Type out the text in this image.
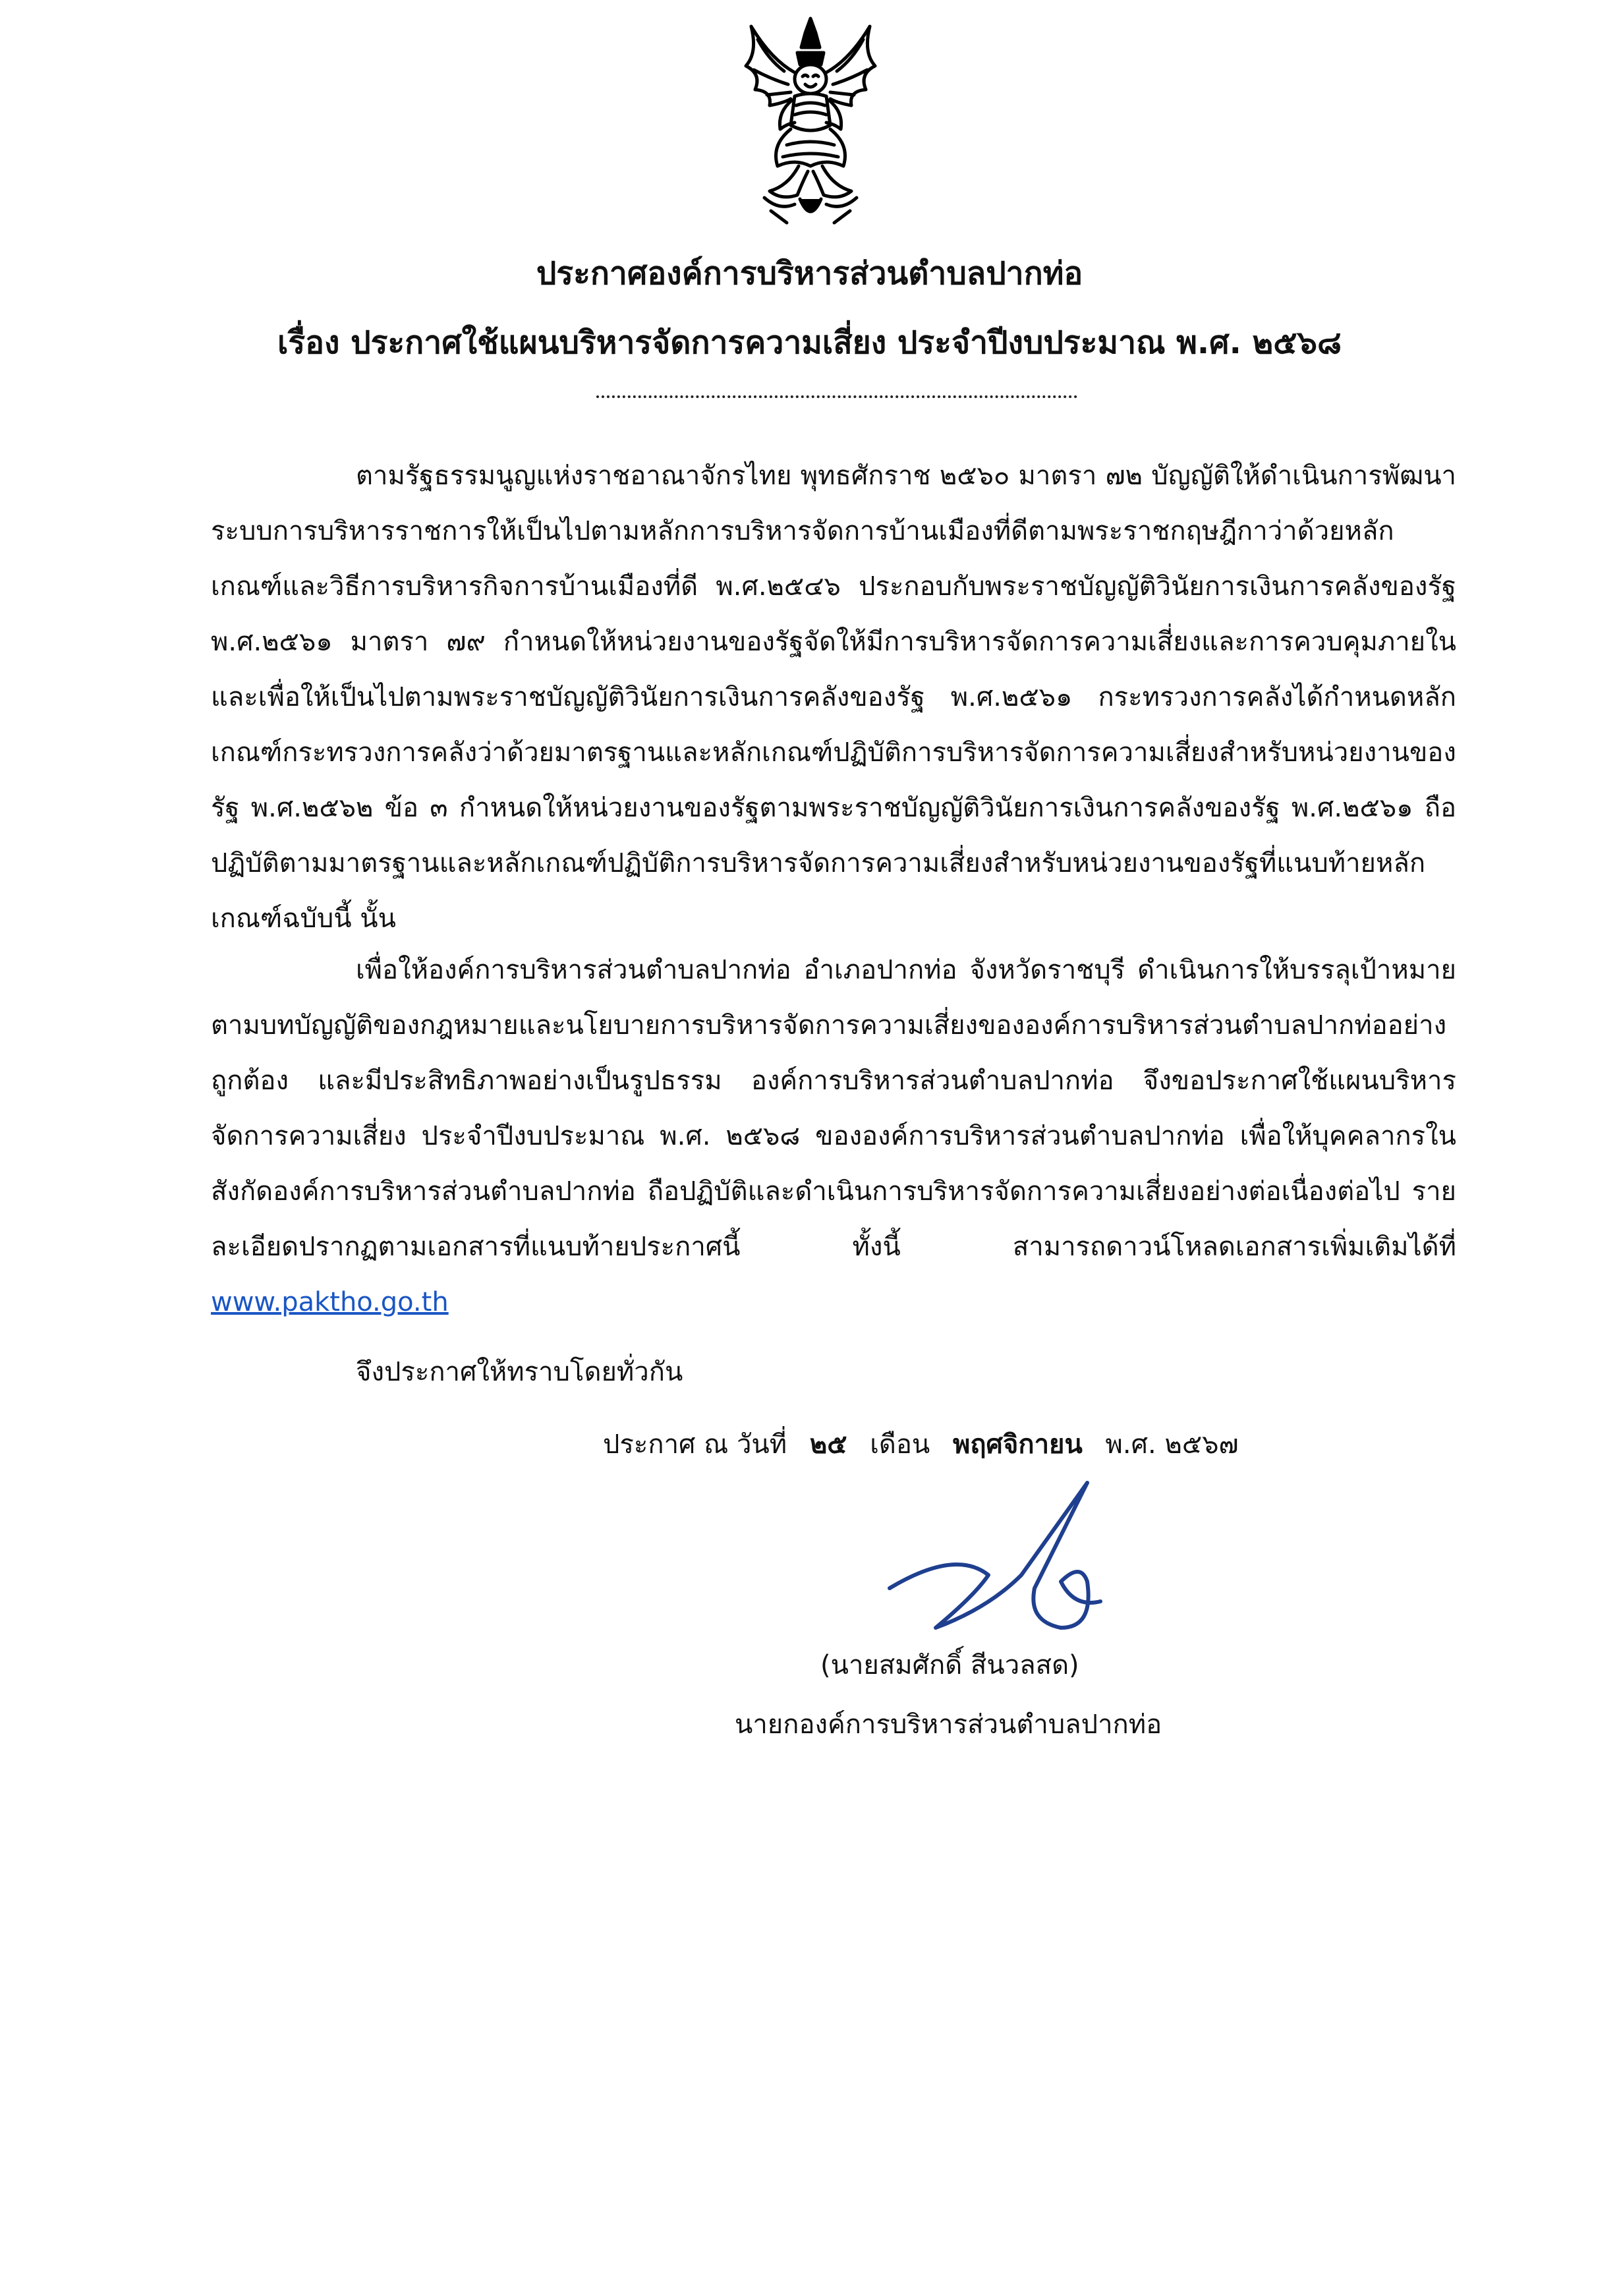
ประกาศองค์การบริหารส่วนตำบลปากท่อ
เรื่อง ประกาศใช้แผนบริหารจัดการความเสี่ยง ประจำปีงบประมาณ พ.ศ. ๒๕๖๘

ตามรัฐธรรมนูญแห่งราชอาณาจักรไทย พุทธศักราช ๒๕๖๐ มาตรา ๗๒ บัญญัติให้ดำเนินการพัฒนาระบบการบริหารราชการให้เป็นไปตามหลักการบริหารจัดการบ้านเมืองที่ดีตามพระราชกฤษฎีกาว่าด้วยหลักเกณฑ์และวิธีการบริหารกิจการบ้านเมืองที่ดี พ.ศ.๒๕๔๖ ประกอบกับพระราชบัญญัติวินัยการเงินการคลังของรัฐ พ.ศ.๒๕๖๑ มาตรา ๗๙ กำหนดให้หน่วยงานของรัฐจัดให้มีการบริหารจัดการความเสี่ยงและการควบคุมภายใน และเพื่อให้เป็นไปตามพระราชบัญญัติวินัยการเงินการคลังของรัฐ พ.ศ.๒๕๖๑ กระทรวงการคลังได้กำหนดหลักเกณฑ์กระทรวงการคลังว่าด้วยมาตรฐานและหลักเกณฑ์ปฏิบัติการบริหารจัดการความเสี่ยงสำหรับหน่วยงานของรัฐ พ.ศ.๒๕๖๒ ข้อ ๓ กำหนดให้หน่วยงานของรัฐตามพระราชบัญญัติวินัยการเงินการคลังของรัฐ พ.ศ.๒๕๖๑ ถือปฏิบัติตามมาตรฐานและหลักเกณฑ์ปฏิบัติการบริหารจัดการความเสี่ยงสำหรับหน่วยงานของรัฐที่แนบท้ายหลักเกณฑ์ฉบับนี้ นั้น

เพื่อให้องค์การบริหารส่วนตำบลปากท่อ อำเภอปากท่อ จังหวัดราชบุรี ดำเนินการให้บรรลุเป้าหมายตามบทบัญญัติของกฎหมายและนโยบายการบริหารจัดการความเสี่ยงขององค์การบริหารส่วนตำบลปากท่ออย่างถูกต้อง และมีประสิทธิภาพอย่างเป็นรูปธรรม องค์การบริหารส่วนตำบลปากท่อ จึงขอประกาศใช้แผนบริหารจัดการความเสี่ยง ประจำปีงบประมาณ พ.ศ. ๒๕๖๘ ขององค์การบริหารส่วนตำบลปากท่อ เพื่อให้บุคคลากรในสังกัดองค์การบริหารส่วนตำบลปากท่อ ถือปฏิบัติและดำเนินการบริหารจัดการความเสี่ยงอย่างต่อเนื่องต่อไป รายละเอียดปรากฏตามเอกสารที่แนบท้ายประกาศนี้ ทั้งนี้ สามารถดาวน์โหลดเอกสารเพิ่มเติมได้ที่ www.paktho.go.th

จึงประกาศให้ทราบโดยทั่วกัน
ประกาศ ณ วันที่ ๒๕ เดือน พฤศจิกายน พ.ศ. ๒๕๖๗
(นายสมศักดิ์ สีนวลสด)
นายกองค์การบริหารส่วนตำบลปากท่อ
